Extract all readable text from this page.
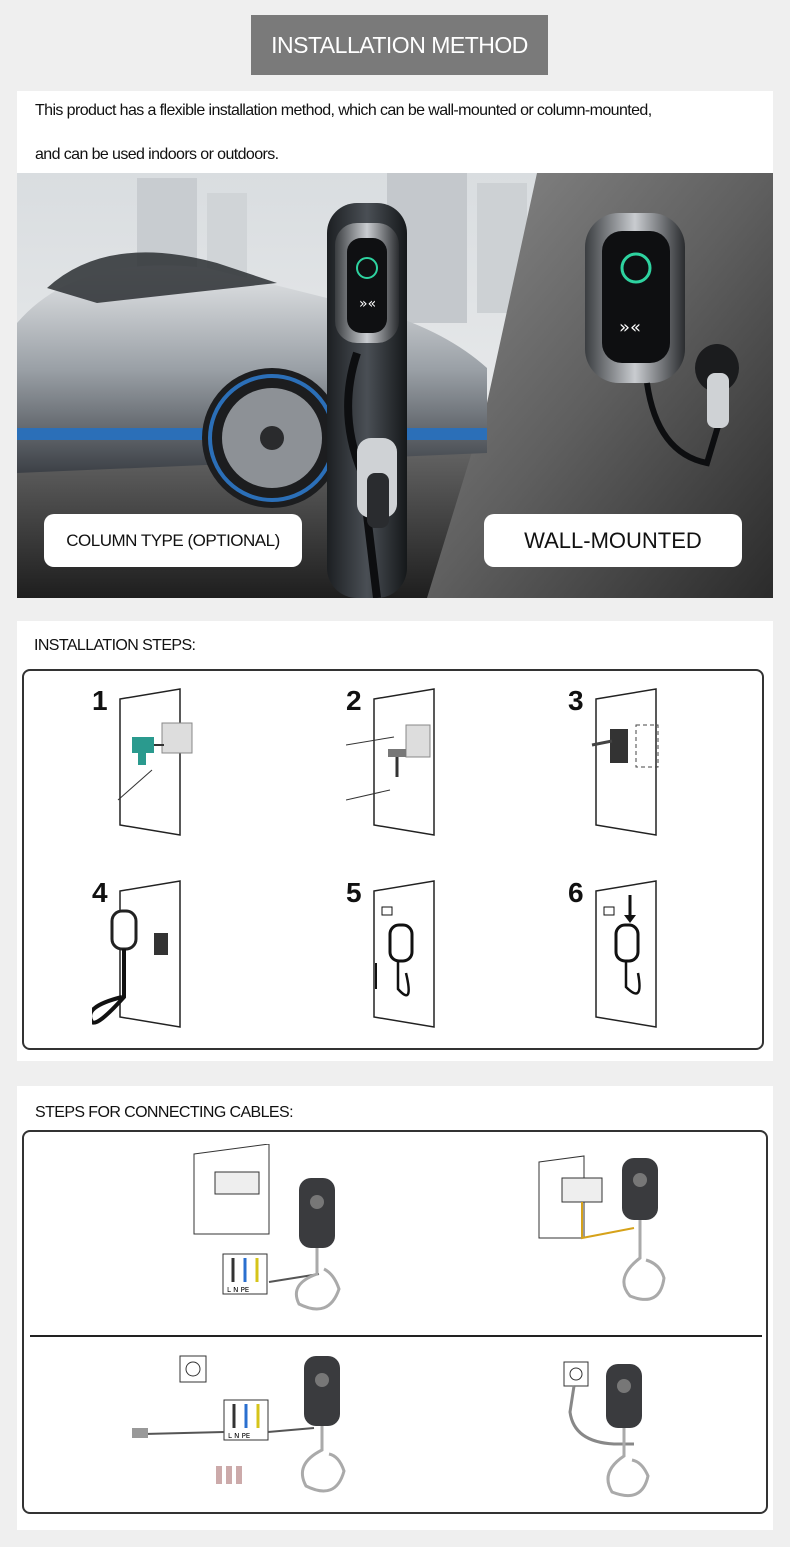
INSTALLATION METHOD

This product has a flexible installation method, which can be wall-mounted or column-mounted,

and can be used indoors or outdoors.

»«
»«
COLUMN TYPE (OPTIONAL)	WALL-MOUNTED
INSTALLATION STEPS:
1	2	3
4	5	6
STEPS FOR CONNECTING CABLES:
L N PE
L N PE
